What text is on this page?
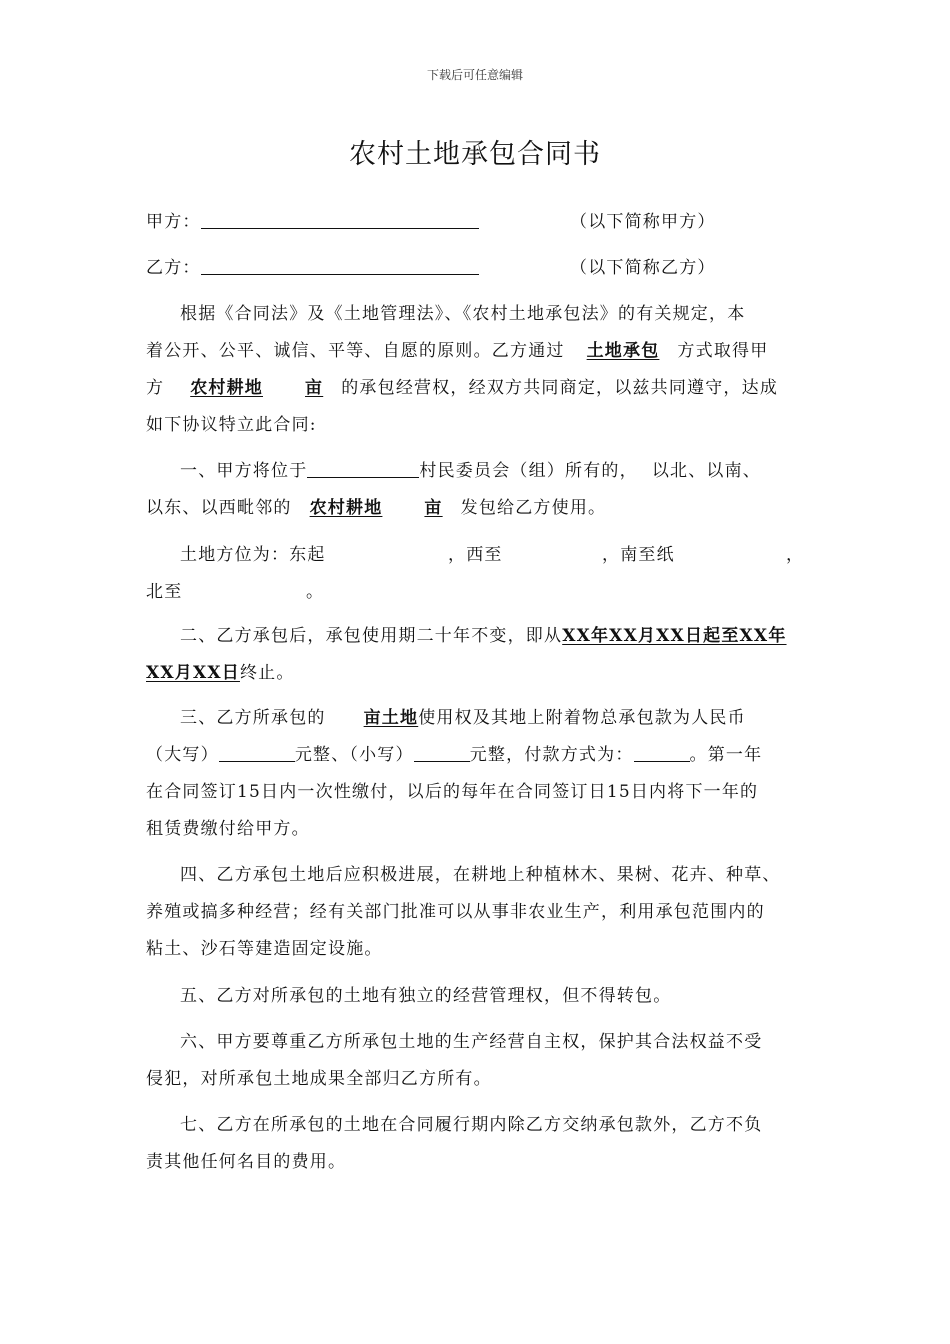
下载后可任意编辑
农村土地承包合同书
甲方：	（以下简称甲方）
乙方：	（以下简称乙方）
根据《合同法》及《土地管理法》、《农村土地承包法》的有关规定，本
着公开、公平、诚信、平等、自愿的原则。乙方通过 土地承包 方式取得甲
方 农村耕地 亩 的承包经营权，经双方共同商定，以兹共同遵守，达成
如下协议特立此合同:
一、甲方将位于	村民委员会（组）所有的， 以北、以南、
以东、以西毗邻的 农村耕地 亩 发包给乙方使用。
土地方位为：东起	，西至	，南至纸	，
北至	。
二、乙方承包后，承包使用期二十年不变，即从XX年XX月XX日起至XX年
XX月XX日终止。
三、乙方所承包的 亩土地使用权及其地上附着物总承包款为人民币
（大写）	元整、（小写）	元整，付款方式为：	。第一年
在合同签订15日内一次性缴付，以后的每年在合同签订日15日内将下一年的
租赁费缴付给甲方。
四、乙方承包土地后应积极进展，在耕地上种植林木、果树、花卉、种草、
养殖或搞多种经营；经有关部门批准可以从事非农业生产，利用承包范围内的
粘土、沙石等建造固定设施。
五、乙方对所承包的土地有独立的经营管理权，但不得转包。
六、甲方要尊重乙方所承包土地的生产经营自主权，保护其合法权益不受
侵犯，对所承包土地成果全部归乙方所有。
七、乙方在所承包的土地在合同履行期内除乙方交纳承包款外，乙方不负
责其他任何名目的费用。
